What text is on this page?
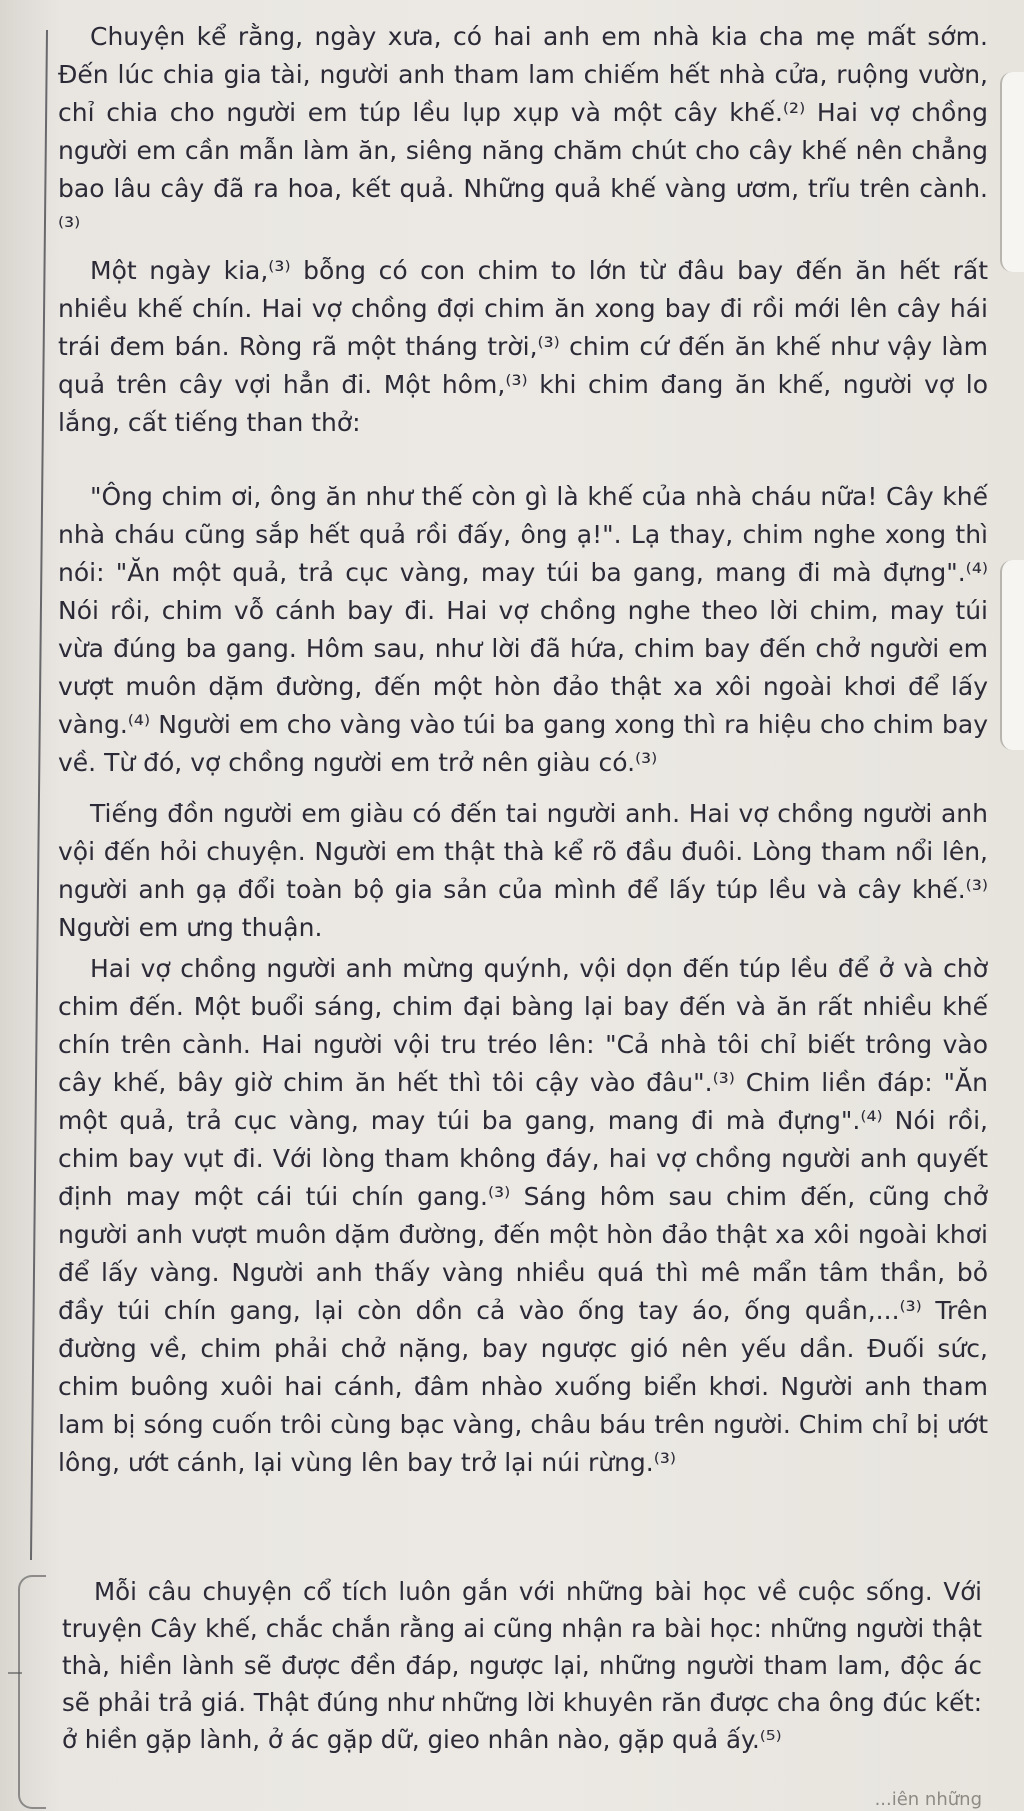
Chuyện kể rằng, ngày xưa, có hai anh em nhà kia cha mẹ mất sớm. Đến lúc chia gia tài, người anh tham lam chiếm hết nhà cửa, ruộng vườn, chỉ chia cho người em túp lều lụp xụp và một cây khế.⁽²⁾ Hai vợ chồng người em cần mẫn làm ăn, siêng năng chăm chút cho cây khế nên chẳng bao lâu cây đã ra hoa, kết quả. Những quả khế vàng ươm, trĩu trên cành.⁽³⁾

Một ngày kia,⁽³⁾ bỗng có con chim to lớn từ đâu bay đến ăn hết rất nhiều khế chín. Hai vợ chồng đợi chim ăn xong bay đi rồi mới lên cây hái trái đem bán. Ròng rã một tháng trời,⁽³⁾ chim cứ đến ăn khế như vậy làm quả trên cây vợi hẳn đi. Một hôm,⁽³⁾ khi chim đang ăn khế, người vợ lo lắng, cất tiếng than thở:

"Ông chim ơi, ông ăn như thế còn gì là khế của nhà cháu nữa! Cây khế nhà cháu cũng sắp hết quả rồi đấy, ông ạ!". Lạ thay, chim nghe xong thì nói: "Ăn một quả, trả cục vàng, may túi ba gang, mang đi mà đựng".⁽⁴⁾ Nói rồi, chim vỗ cánh bay đi. Hai vợ chồng nghe theo lời chim, may túi vừa đúng ba gang. Hôm sau, như lời đã hứa, chim bay đến chở người em vượt muôn dặm đường, đến một hòn đảo thật xa xôi ngoài khơi để lấy vàng.⁽⁴⁾ Người em cho vàng vào túi ba gang xong thì ra hiệu cho chim bay về. Từ đó, vợ chồng người em trở nên giàu có.⁽³⁾

Tiếng đồn người em giàu có đến tai người anh. Hai vợ chồng người anh vội đến hỏi chuyện. Người em thật thà kể rõ đầu đuôi. Lòng tham nổi lên, người anh gạ đổi toàn bộ gia sản của mình để lấy túp lều và cây khế.⁽³⁾ Người em ưng thuận.

Hai vợ chồng người anh mừng quýnh, vội dọn đến túp lều để ở và chờ chim đến. Một buổi sáng, chim đại bàng lại bay đến và ăn rất nhiều khế chín trên cành. Hai người vội tru tréo lên: "Cả nhà tôi chỉ biết trông vào cây khế, bây giờ chim ăn hết thì tôi cậy vào đâu".⁽³⁾ Chim liền đáp: "Ăn một quả, trả cục vàng, may túi ba gang, mang đi mà đựng".⁽⁴⁾ Nói rồi, chim bay vụt đi. Với lòng tham không đáy, hai vợ chồng người anh quyết định may một cái túi chín gang.⁽³⁾ Sáng hôm sau chim đến, cũng chở người anh vượt muôn dặm đường, đến một hòn đảo thật xa xôi ngoài khơi để lấy vàng. Người anh thấy vàng nhiều quá thì mê mẩn tâm thần, bỏ đầy túi chín gang, lại còn dồn cả vào ống tay áo, ống quần,...⁽³⁾ Trên đường về, chim phải chở nặng, bay ngược gió nên yếu dần. Đuối sức, chim buông xuôi hai cánh, đâm nhào xuống biển khơi. Người anh tham lam bị sóng cuốn trôi cùng bạc vàng, châu báu trên người. Chim chỉ bị ướt lông, ướt cánh, lại vùng lên bay trở lại núi rừng.⁽³⁾

Mỗi câu chuyện cổ tích luôn gắn với những bài học về cuộc sống. Với truyện Cây khế, chắc chắn rằng ai cũng nhận ra bài học: những người thật thà, hiền lành sẽ được đền đáp, ngược lại, những người tham lam, độc ác sẽ phải trả giá. Thật đúng như những lời khuyên răn được cha ông đúc kết: ở hiền gặp lành, ở ác gặp dữ, gieo nhân nào, gặp quả ấy.⁽⁵⁾

...iên những
